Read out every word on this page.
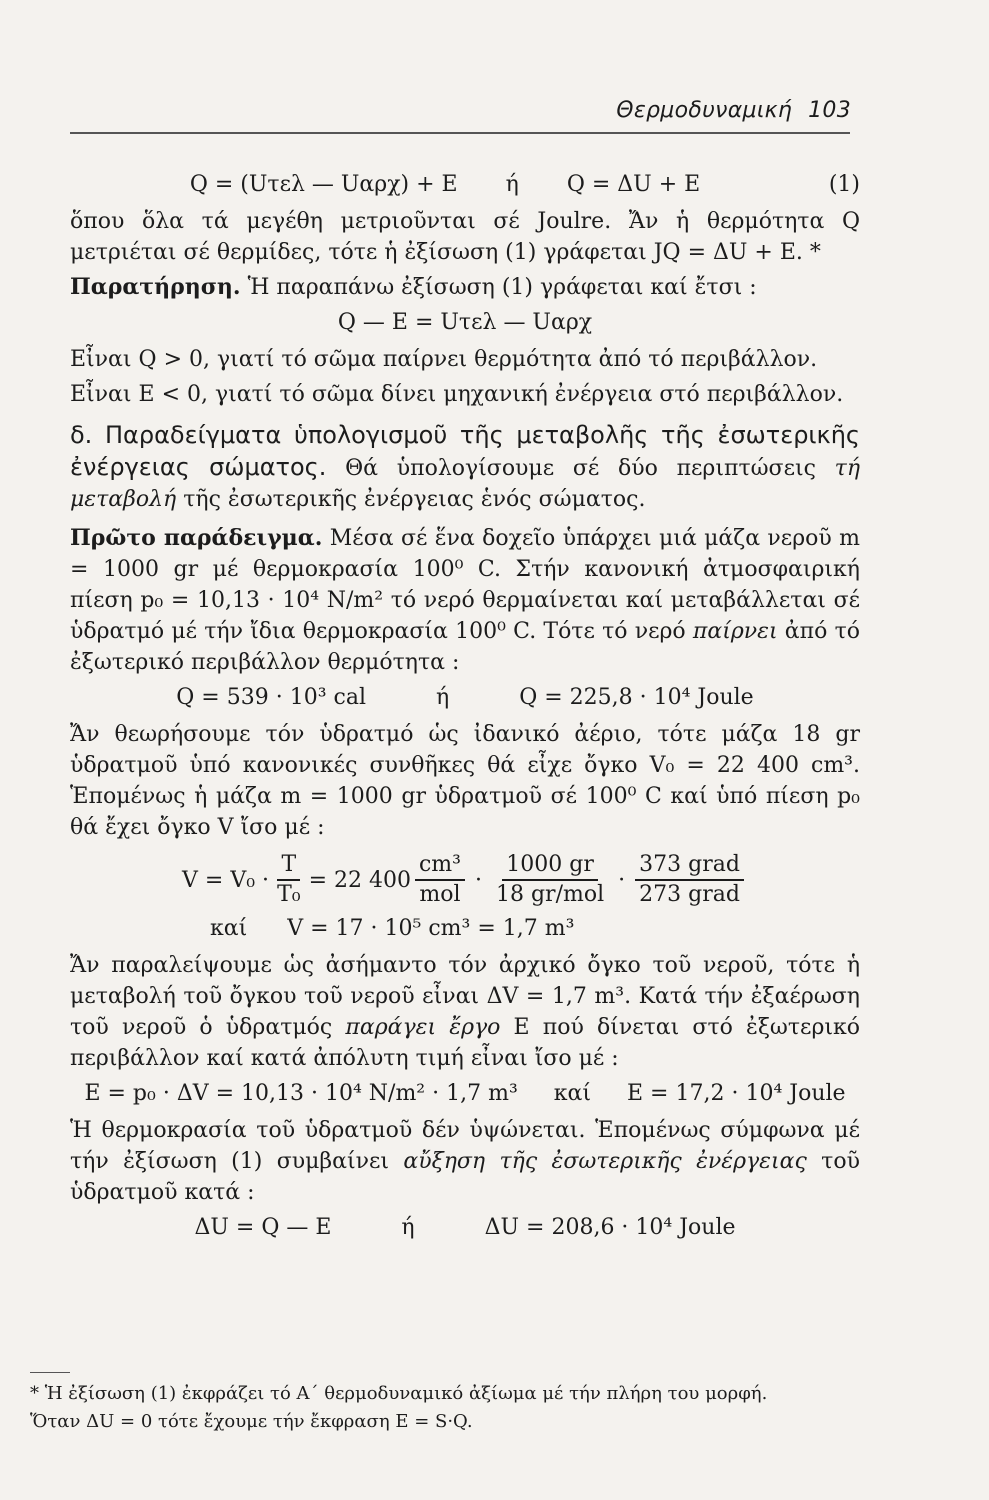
Θερμοδυναμική 103
Q = (Uτελ — Uαρχ) + E ή Q = ΔU + E	(1)

ὅπου ὅλα τά μεγέθη μετριοῦνται σέ Joulre. Ἄν ἡ θερμότητα Q μετριέται σέ θερμίδες, τότε ἡ ἐξίσωση (1) γράφεται JQ = ΔU + E. *

Παρατήρηση. Ἡ παραπάνω ἐξίσωση (1) γράφεται καί ἔτσι :

Q — E = Uτελ — Uαρχ

Εἶναι Q > 0, γιατί τό σῶμα παίρνει θερμότητα ἀπό τό περιβάλλον.

Εἶναι E < 0, γιατί τό σῶμα δίνει μηχανική ἐνέργεια στό περιβάλλον.

δ. Παραδείγματα ὑπολογισμοῦ τῆς μεταβολῆς τῆς ἐσωτερικῆς ἐνέργειας σώματος. Θά ὑπολογίσουμε σέ δύο περιπτώσεις τή μεταβολή τῆς ἐσωτερικῆς ἐνέργειας ἑνός σώματος.

Πρῶτο παράδειγμα. Μέσα σέ ἕνα δοχεῖο ὑπάρχει μιά μάζα νεροῦ m = 1000 gr μέ θερμοκρασία 100⁰ C. Στήν κανονική ἀτμοσφαιρική πίεση p₀ = 10,13 · 10⁴ N/m² τό νερό θερμαίνεται καί μεταβάλλεται σέ ὑδρατμό μέ τήν ἴδια θερμοκρασία 100⁰ C. Τότε τό νερό παίρνει ἀπό τό ἐξωτερικό περιβάλλον θερμότητα :

Q = 539 · 10³ cal	ή	Q = 225,8 · 10⁴ Joule

Ἄν θεωρήσουμε τόν ὑδρατμό ὡς ἰδανικό ἀέριο, τότε μάζα 18 gr ὑδρατμοῦ ὑπό κανονικές συνθῆκες θά εἶχε ὄγκο V₀ = 22 400 cm³. Ἑπομένως ἡ μάζα m = 1000 gr ὑδρατμοῦ σέ 100⁰ C καί ὑπό πίεση p₀ θά ἔχει ὄγκο V ἴσο μέ :

$V = V_0 \cdot \frac{T}{\text{T₀}} = 22$ $400 \frac{\text{cm³}}{\text{mol}} \cdot \frac{1000 gr}{\text{18 gr/mol}} \cdot \frac{\text{373 grad}}{\text{273 grad}}$
καί V = 17 · 10⁵ cm³ = 1,7 m³

Ἄν παραλείψουμε ὡς ἀσήμαντο τόν ἀρχικό ὄγκο τοῦ νεροῦ, τότε ἡ μεταβολή τοῦ ὄγκου τοῦ νεροῦ εἶναι ΔV = 1,7 m³. Κατά τήν ἐξαέρωση τοῦ νεροῦ ὁ ὑδρατμός παράγει ἔργο E πού δίνεται στό ἐξωτερικό περιβάλλον καί κατά ἀπόλυτη τιμή εἶναι ἴσο μέ :

E = p₀ · ΔV = 10,13 · 10⁴ N/m² · 1,7 m³ καί E = 17,2 · 10⁴ Joule

Ἡ θερμοκρασία τοῦ ὑδρατμοῦ δέν ὑψώνεται. Ἑπομένως σύμφωνα μέ τήν ἐξίσωση (1) συμβαίνει αὔξηση τῆς ἐσωτερικῆς ἐνέργειας τοῦ ὑδρατμοῦ κατά :

ΔU = Q — E	ή	ΔU = 208,6 · 10⁴ Joule
* Ἡ ἐξίσωση (1) ἐκφράζει τό Α΄ θερμοδυναμικό ἀξίωμα μέ τήν πλήρη του μορφή.
Ὅταν ΔU = 0 τότε ἔχουμε τήν ἔκφραση E = S·Q.
